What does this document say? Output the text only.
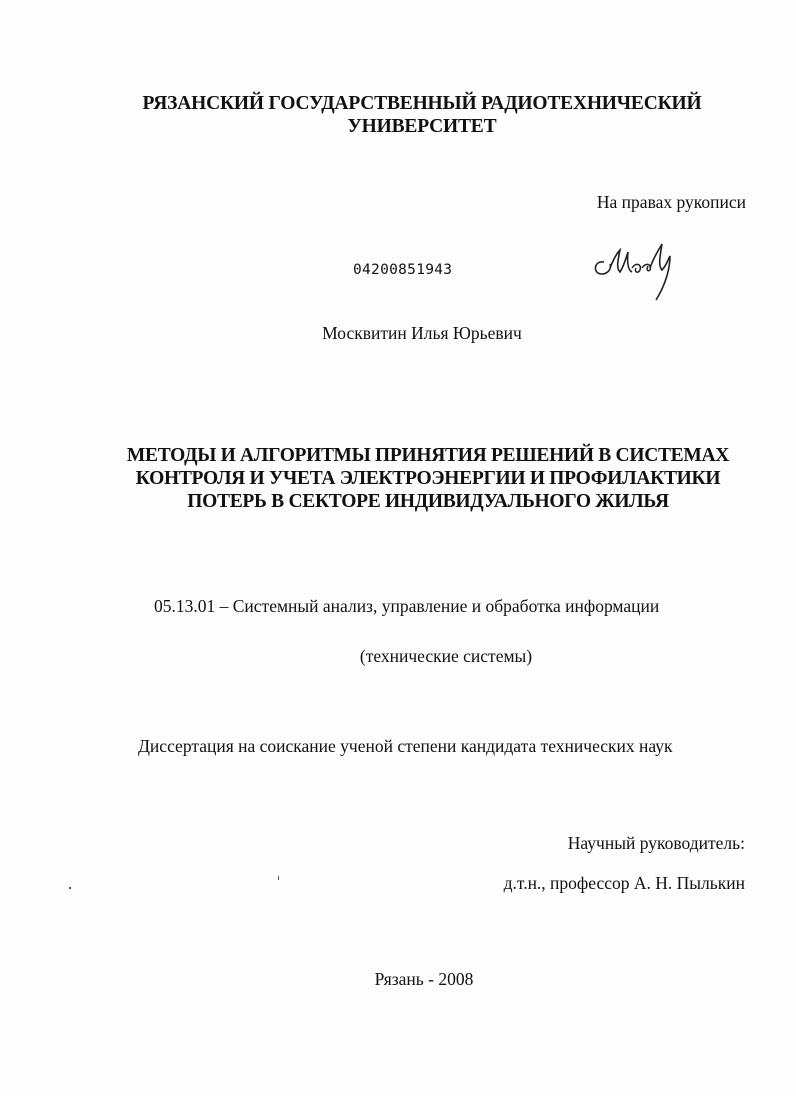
РЯЗАНСКИЙ ГОСУДАРСТВЕННЫЙ РАДИОТЕХНИЧЕСКИЙ
УНИВЕРСИТЕТ
На правах рукописи
04200851943
Москвитин Илья Юрьевич
МЕТОДЫ И АЛГОРИТМЫ ПРИНЯТИЯ РЕШЕНИЙ В СИСТЕМАХ
КОНТРОЛЯ И УЧЕТА ЭЛЕКТРОЭНЕРГИИ И ПРОФИЛАКТИКИ
ПОТЕРЬ В СЕКТОРЕ ИНДИВИДУАЛЬНОГО ЖИЛЬЯ
05.13.01 – Системный анализ, управление и обработка информации
(технические системы)
Диссертация на соискание ученой степени кандидата технических наук
Научный руководитель:
д.т.н., профессор А. Н. Пылькин
Рязань - 2008
